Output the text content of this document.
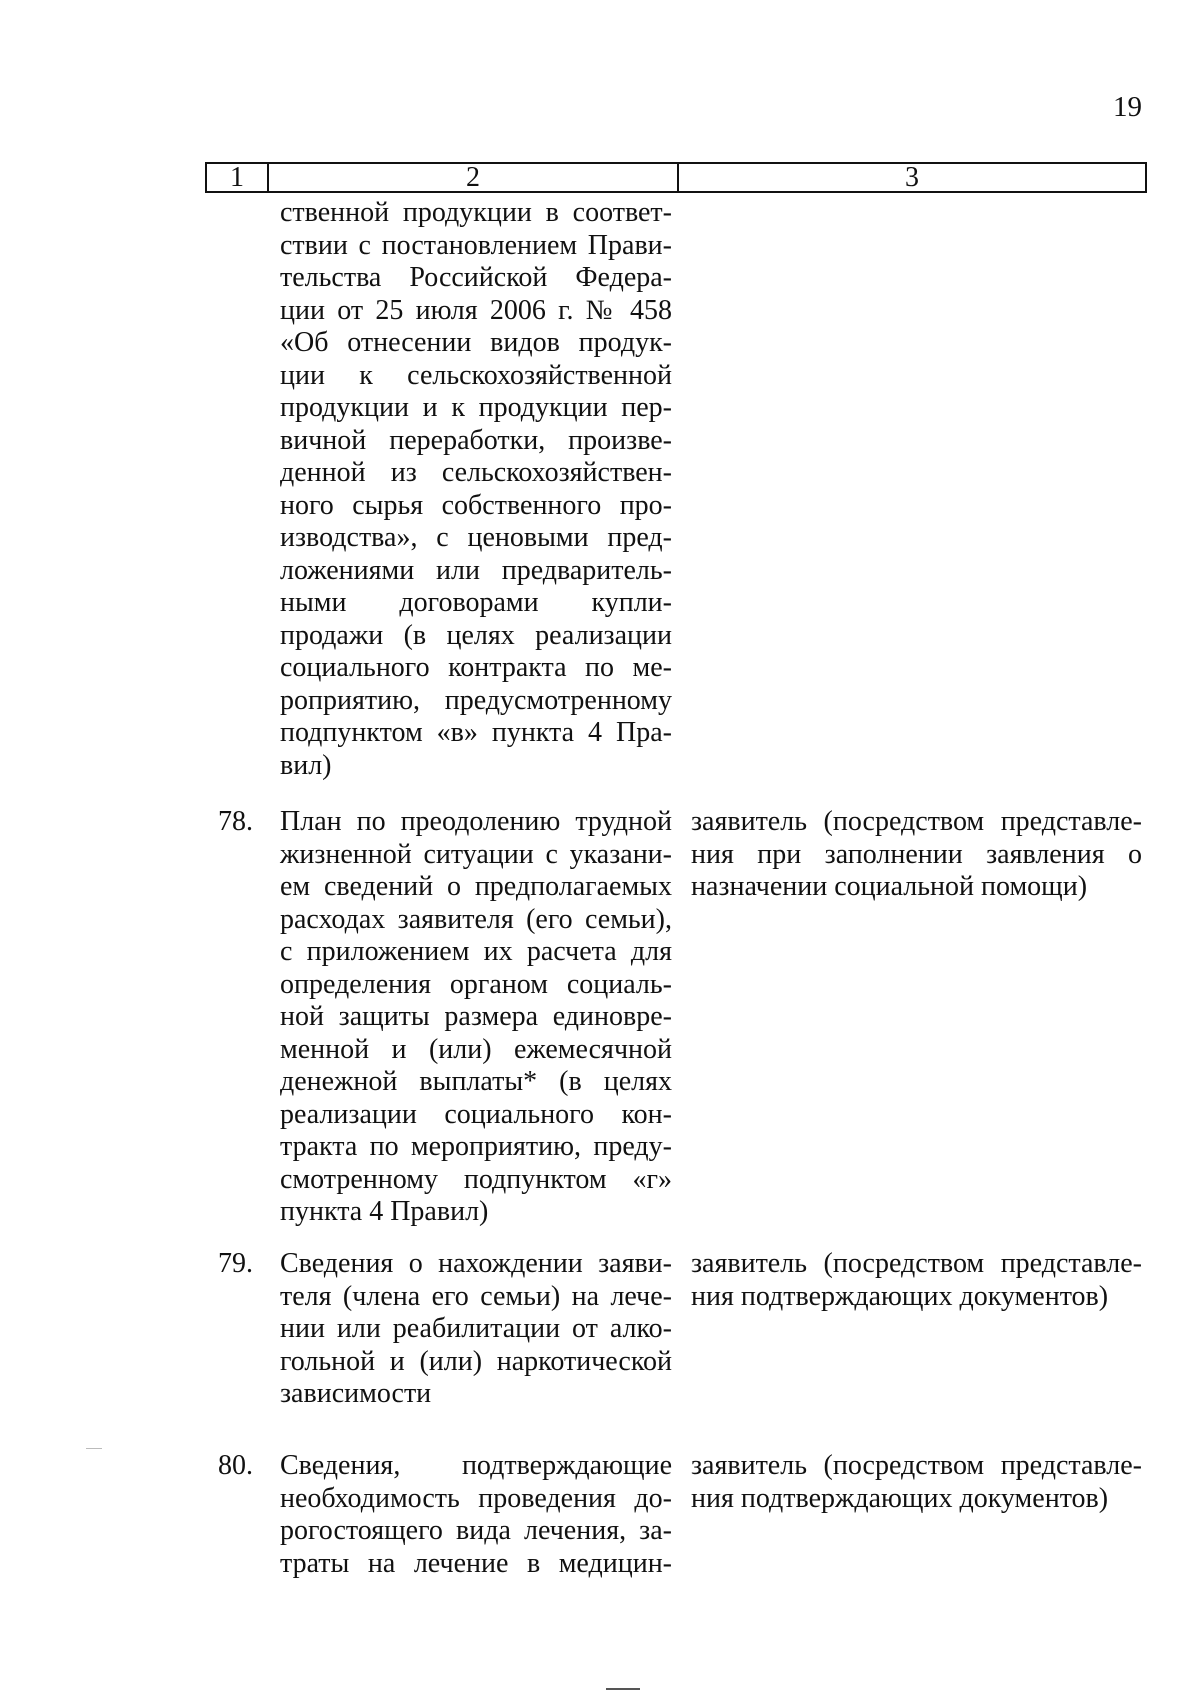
19
1	2	3
ственной продукции в соответ-
ствии с постановлением Прави-
тельства Российской Федера-
ции от 25 июля 2006 г. № 458
«Об отнесении видов продук-
ции к сельскохозяйственной
продукции и к продукции пер-
вичной переработки, произве-
денной из сельскохозяйствен-
ного сырья собственного про-
изводства», с ценовыми пред-
ложениями или предваритель-
ными договорами купли-
продажи (в целях реализации
социального контракта по ме-
роприятию, предусмотренному
подпунктом «в» пункта 4 Пра-
вил)
78. План по преодолению трудной
жизненной ситуации с указани-
ем сведений о предполагаемых
расходах заявителя (его семьи),
с приложением их расчета для
определения органом социаль-
ной защиты размера единовре-
менной и (или) ежемесячной
денежной выплаты* (в целях
реализации социального кон-
тракта по мероприятию, преду-
смотренному подпунктом «г»
пункта 4 Правил)
заявитель (посредством представле-
ния при заполнении заявления о
назначении социальной помощи)
79. Сведения о нахождении заяви-
теля (члена его семьи) на лече-
нии или реабилитации от алко-
гольной и (или) наркотической
зависимости
заявитель (посредством представле-
ния подтверждающих документов)
80. Сведения, подтверждающие
необходимость проведения до-
рогостоящего вида лечения, за-
траты на лечение в медицин-
заявитель (посредством представле-
ния подтверждающих документов)
